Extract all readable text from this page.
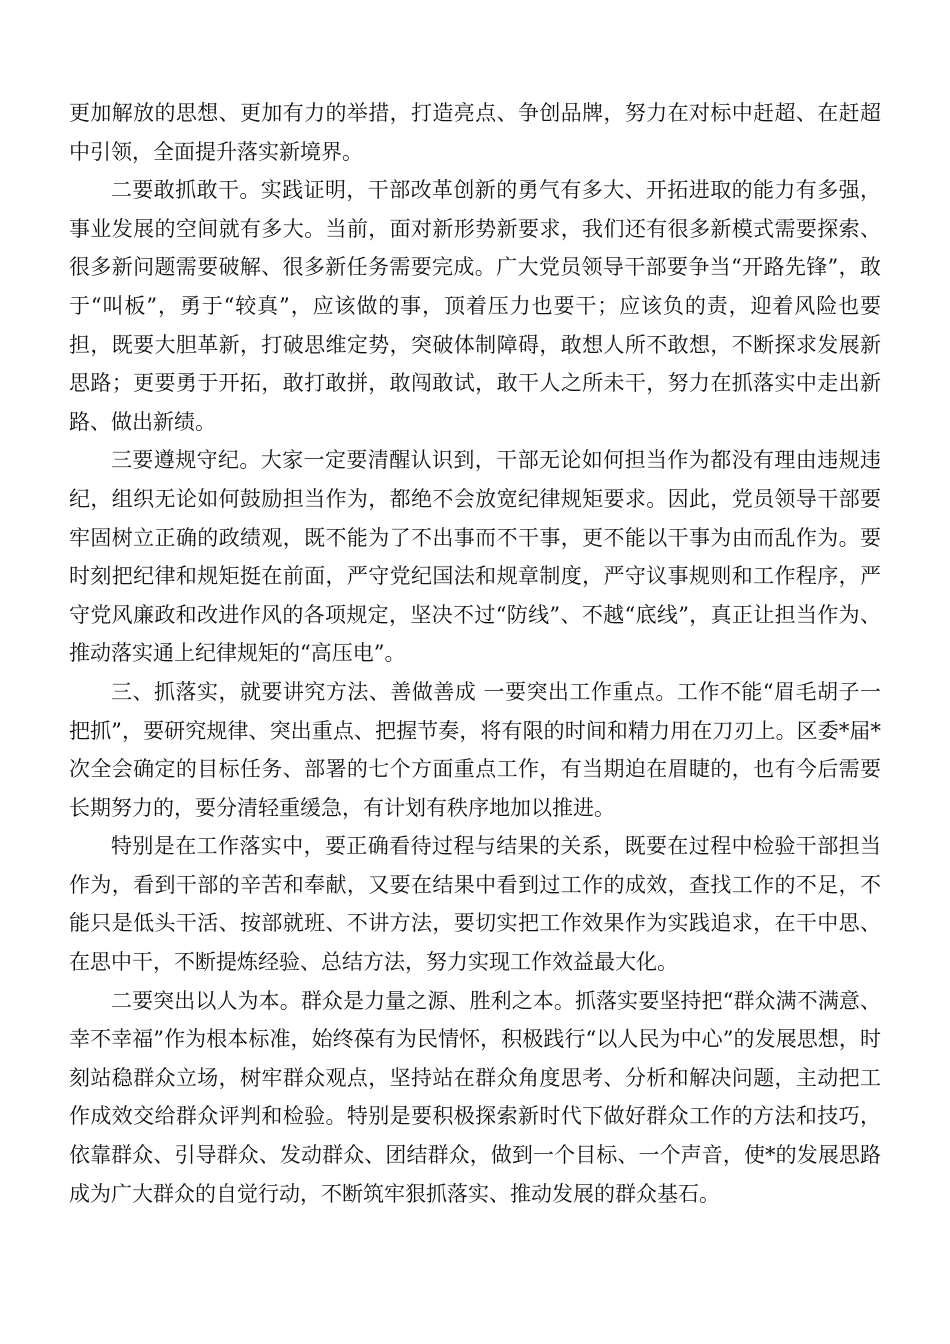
更加解放的思想、更加有力的举措，打造亮点、争创品牌，努力在对标中赶超、在赶超中引领，全面提升落实新境界。

二要敢抓敢干。实践证明，干部改革创新的勇气有多大、开拓进取的能力有多强，事业发展的空间就有多大。当前，面对新形势新要求，我们还有很多新模式需要探索、很多新问题需要破解、很多新任务需要完成。广大党员领导干部要争当“开路先锋”，敢于“叫板”，勇于“较真”，应该做的事，顶着压力也要干；应该负的责，迎着风险也要担，既要大胆革新，打破思维定势，突破体制障碍，敢想人所不敢想，不断探求发展新思路；更要勇于开拓，敢打敢拼，敢闯敢试，敢干人之所未干，努力在抓落实中走出新路、做出新绩。

三要遵规守纪。大家一定要清醒认识到，干部无论如何担当作为都没有理由违规违纪，组织无论如何鼓励担当作为，都绝不会放宽纪律规矩要求。因此，党员领导干部要牢固树立正确的政绩观，既不能为了不出事而不干事，更不能以干事为由而乱作为。要时刻把纪律和规矩挺在前面，严守党纪国法和规章制度，严守议事规则和工作程序，严守党风廉政和改进作风的各项规定，坚决不过“防线”、不越“底线”，真正让担当作为、推动落实通上纪律规矩的“高压电”。

三、抓落实，就要讲究方法、善做善成 一要突出工作重点。工作不能“眉毛胡子一把抓”，要研究规律、突出重点、把握节奏，将有限的时间和精力用在刀刃上。区委*届*次全会确定的目标任务、部署的七个方面重点工作，有当期迫在眉睫的，也有今后需要长期努力的，要分清轻重缓急，有计划有秩序地加以推进。

特别是在工作落实中，要正确看待过程与结果的关系，既要在过程中检验干部担当作为，看到干部的辛苦和奉献，又要在结果中看到过工作的成效，查找工作的不足，不能只是低头干活、按部就班、不讲方法，要切实把工作效果作为实践追求，在干中思、在思中干，不断提炼经验、总结方法，努力实现工作效益最大化。

二要突出以人为本。群众是力量之源、胜利之本。抓落实要坚持把“群众满不满意、幸不幸福”作为根本标准，始终葆有为民情怀，积极践行“以人民为中心”的发展思想，时刻站稳群众立场，树牢群众观点，坚持站在群众角度思考、分析和解决问题，主动把工作成效交给群众评判和检验。特别是要积极探索新时代下做好群众工作的方法和技巧，依靠群众、引导群众、发动群众、团结群众，做到一个目标、一个声音，使*的发展思路成为广大群众的自觉行动，不断筑牢狠抓落实、推动发展的群众基石。
